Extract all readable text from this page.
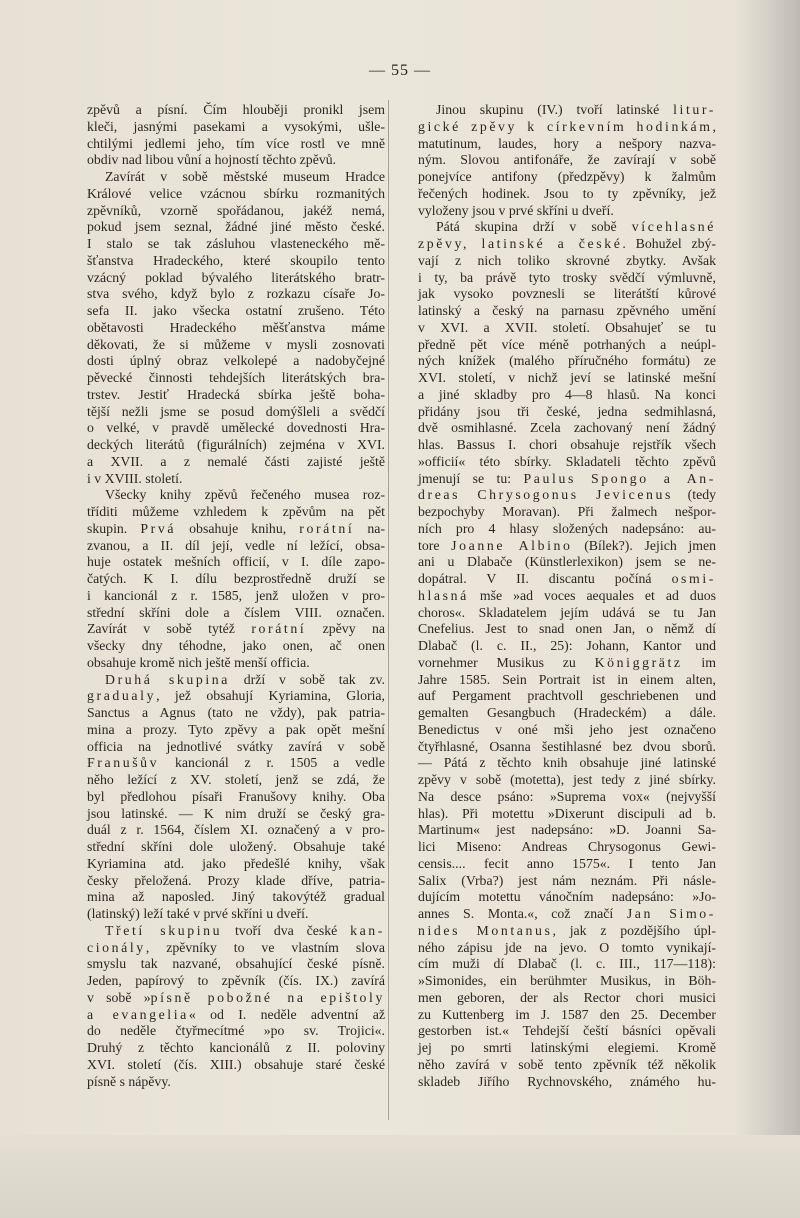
— 55 —
zpěvů a písní. Čím hlouběji pronikl jsem
kleči, jasnými pasekami a vysokými, ušle-
chtilými jedlemi jeho, tím více rostl ve mně
obdiv nad libou vůní a hojností těchto zpěvů.
Zavírát v sobě městské museum Hradce
Králové velice vzácnou sbírku rozmanitých
zpěvníků, vzorně spořádanou, jakéž nemá,
pokud jsem seznal, žádné jiné město české.
I stalo se tak zásluhou vlasteneckého mě-
šťanstva Hradeckého, které skoupilo tento
vzácný poklad bývalého literátského bratr-
stva svého, když bylo z rozkazu císaře Jo-
sefa II. jako všecka ostatní zrušeno. Této
obětavosti Hradeckého měšťanstva máme
děkovati, že si můžeme v mysli zosnovati
dosti úplný obraz velkolepé a nadobyčejné
pěvecké činnosti tehdejších literátských bra-
trstev. Jestiť Hradecká sbírka ještě boha-
tější nežli jsme se posud domýšleli a svědčí
o velké, v pravdě umělecké dovednosti Hra-
deckých literátů (figurálních) zejména v XVI.
a XVII. a z nemalé části zajisté ještě
i v XVIII. století.
Všecky knihy zpěvů řečeného musea roz-
tříditi můžeme vzhledem k zpěvům na pět
skupin. Prvá obsahuje knihu, rorátní na-
zvanou, a II. díl její, vedle ní ležící, obsa-
huje ostatek mešních officií, v I. díle zapo-
čatých. K I. dílu bezprostředně druží se
i kancionál z r. 1585, jenž uložen v pro-
střední skříni dole a číslem VIII. označen.
Zavírát v sobě tytéž rorátní zpěvy na
všecky dny téhodne, jako onen, ač onen
obsahuje kromě nich ještě menší officia.
Druhá skupina drží v sobě tak zv.
gradualy, jež obsahují Kyriamina, Gloria,
Sanctus a Agnus (tato ne vždy), pak patria-
mina a prozy. Tyto zpěvy a pak opět mešní
officia na jednotlivé svátky zavírá v sobě
Franušův kancionál z r. 1505 a vedle
něho ležící z XV. století, jenž se zdá, že
byl předlohou písaři Franušovy knihy. Oba
jsou latinské. — K nim druží se český gra-
duál z r. 1564, číslem XI. označený a v pro-
střední skříni dole uložený. Obsahuje také
Kyriamina atd. jako předešlé knihy, však
česky přeložená. Prozy klade dříve, patria-
mina až naposled. Jiný takovýtéž gradual
(latinský) leží také v prvé skříni u dveří.
Třetí skupinu tvoří dva české kan-
cionály, zpěvníky to ve vlastním slova
smyslu tak nazvané, obsahující české písně.
Jeden, papírový to zpěvník (čís. IX.) zavírá
v sobě »písně pobožné na epištoly
a evangelia« od I. neděle adventní až
do neděle čtyřmecítmé »po sv. Trojici«.
Druhý z těchto kancionálů z II. poloviny
XVI. století (čís. XIII.) obsahuje staré české
písně s nápěvy.
Jinou skupinu (IV.) tvoří latinské litur-
gické zpěvy k církevním hodinkám,
matutinum, laudes, hory a nešpory nazva-
ným. Slovou antifonáře, že zavírají v sobě
ponejvíce antifony (předzpěvy) k žalmům
řečených hodinek. Jsou to ty zpěvníky, jež
vyloženy jsou v prvé skříni u dveří.
Pátá skupina drží v sobě vícehlasné
zpěvy, latinské a české. Bohužel zbý-
vají z nich toliko skrovné zbytky. Avšak
i ty, ba právě tyto trosky svědčí výmluvně,
jak vysoko povznesli se literátští kůrové
latinský a český na parnasu zpěvného umění
v XVI. a XVII. století. Obsahujeť se tu
předně pět více méně potrhaných a neúpl-
ných knížek (malého příručného formátu) ze
XVI. století, v nichž jeví se latinské mešní
a jiné skladby pro 4—8 hlasů. Na konci
přidány jsou tři české, jedna sedmihlasná,
dvě osmihlasné. Zcela zachovaný není žádný
hlas. Bassus I. chori obsahuje rejstřík všech
»officií« této sbírky. Skladateli těchto zpěvů
jmenují se tu: Paulus Spongo a An-
dreas Chrysogonus Jevicenus (tedy
bezpochyby Moravan). Při žalmech nešpor-
ních pro 4 hlasy složených nadepsáno: au-
tore Joanne Albino (Bílek?). Jejich jmen
ani u Dlabače (Künstlerlexikon) jsem se ne-
dopátral. V II. discantu počíná osmi-
hlasná mše »ad voces aequales et ad duos
choros«. Skladatelem jejím udává se tu Jan
Cnefelius. Jest to snad onen Jan, o němž dí
Dlabač (l. c. II., 25): Johann, Kantor und
vornehmer Musikus zu Königgrätz im
Jahre 1585. Sein Portrait ist in einem alten,
auf Pergament prachtvoll geschriebenen und
gemalten Gesangbuch (Hradeckém) a dále.
Benedictus v oné mši jeho jest označeno
čtyřhlasné, Osanna šestihlasné bez dvou sborů.
— Pátá z těchto knih obsahuje jiné latinské
zpěvy v sobě (motetta), jest tedy z jiné sbírky.
Na desce psáno: »Suprema vox« (nejvyšší
hlas). Při motettu »Dixerunt discipuli ad b.
Martinum« jest nadepsáno: »D. Joanni Sa-
lici Miseno: Andreas Chrysogonus Gewi-
censis.... fecit anno 1575«. I tento Jan
Salix (Vrba?) jest nám neznám. Při násle-
dujícím motettu vánočním nadepsáno: »Jo-
annes S. Monta.«, což značí Jan Simo-
nides Montanus, jak z pozdějšího úpl-
ného zápisu jde na jevo. O tomto vynikají-
cím muži dí Dlabač (l. c. III., 117—118):
»Simonides, ein berühmter Musikus, in Böh-
men geboren, der als Rector chori musici
zu Kuttenberg im J. 1587 den 25. December
gestorben ist.« Tehdejší čeští básníci opěvali
jej po smrti latinskými elegiemi. Kromě
něho zavírá v sobě tento zpěvník též několik
skladeb Jiřího Rychnovského, známého hu-
